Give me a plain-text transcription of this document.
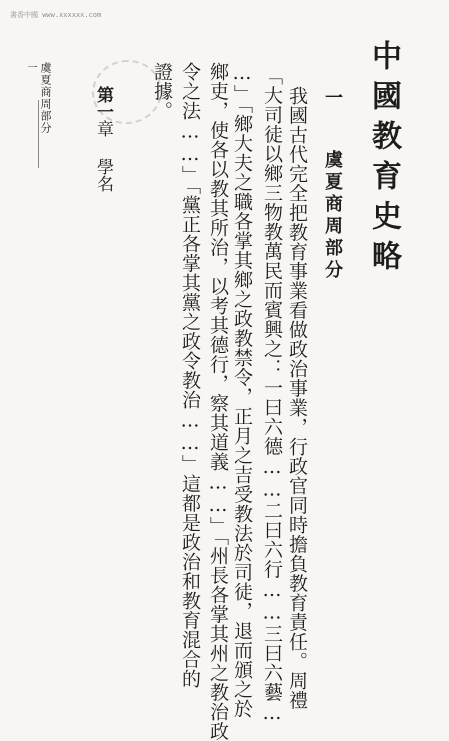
書香中國 www.xxxxxx.com
中國教育史略
一
虞夏商周部分
我國古代完全把教育事業看做政治事業，行政官同時擔負教育責任。周禮
「大司徒以鄉三物教萬民而賓興之：一曰六德……二曰六行……三曰六藝…
…」「鄉大夫之職各掌其鄉之政教禁令，正月之吉受教法於司徒，退而頒之於
鄉吏，使各以教其所治，以考其德行，察其道義……」「州長各掌其州之教治政
令之法……」「黨正各掌其黨之政令教治……」這都是政治和教育混合的
證據。
第一
章
學名
虞夏商周部分
一
